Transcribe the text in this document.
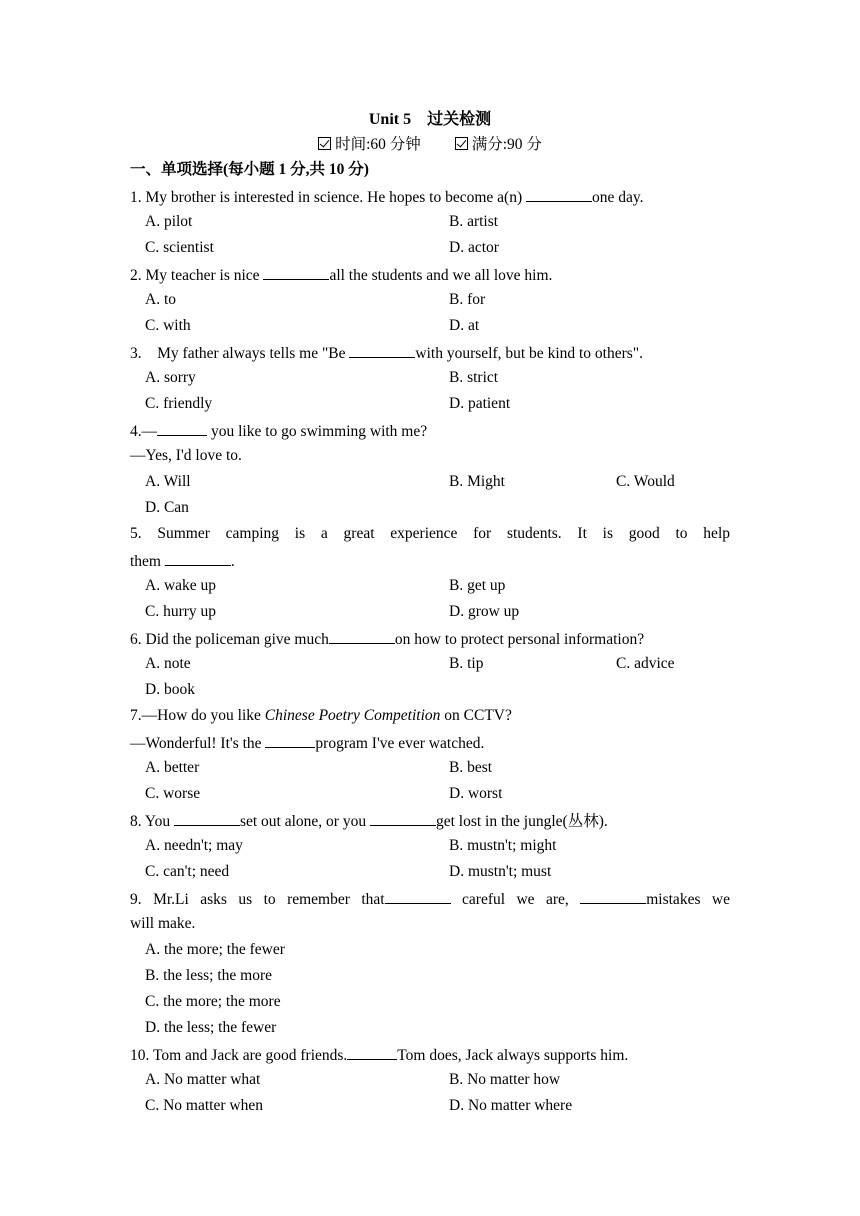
Unit 5　过关检测
时间:60 分钟	满分:90 分
一、单项选择(每小题 1 分,共 10 分)
1. My brother is interested in science. He hopes to become a(n)	one day.
A. pilot	B. artist
C. scientist	D. actor
2. My teacher is nice	all the students and we all love him.
A. to	B. for
C. with	D. at
3.　My father always tells me "Be	with yourself, but be kind to others".
A. sorry	B. strict
C. friendly	D. patient
4.—	you like to go swimming with me?
—Yes, I'd love to.
A. Will	B. Might	C. Would
D. Can
5. Summer camping is a great experience for students. It is good to help
them	.
A. wake up	B. get up
C. hurry up	D. grow up
6. Did the policeman give much	on how to protect personal information?
A. note	B. tip	C. advice
D. book
7.—How do you like Chinese Poetry Competition on CCTV?
—Wonderful! It's the	program I've ever watched.
A. better	B. best
C. worse	D. worst
8. You	set out alone, or you	get lost in the jungle(丛林).
A. needn't; may	B. mustn't; might
C. can't; need	D. mustn't; must
9. Mr.Li asks us to remember that	careful we are,	mistakes we
will make.
A. the more; the fewer
B. the less; the more
C. the more; the more
D. the less; the fewer
10. Tom and Jack are good friends.	Tom does, Jack always supports him.
A. No matter what	B. No matter how
C. No matter when	D. No matter where
